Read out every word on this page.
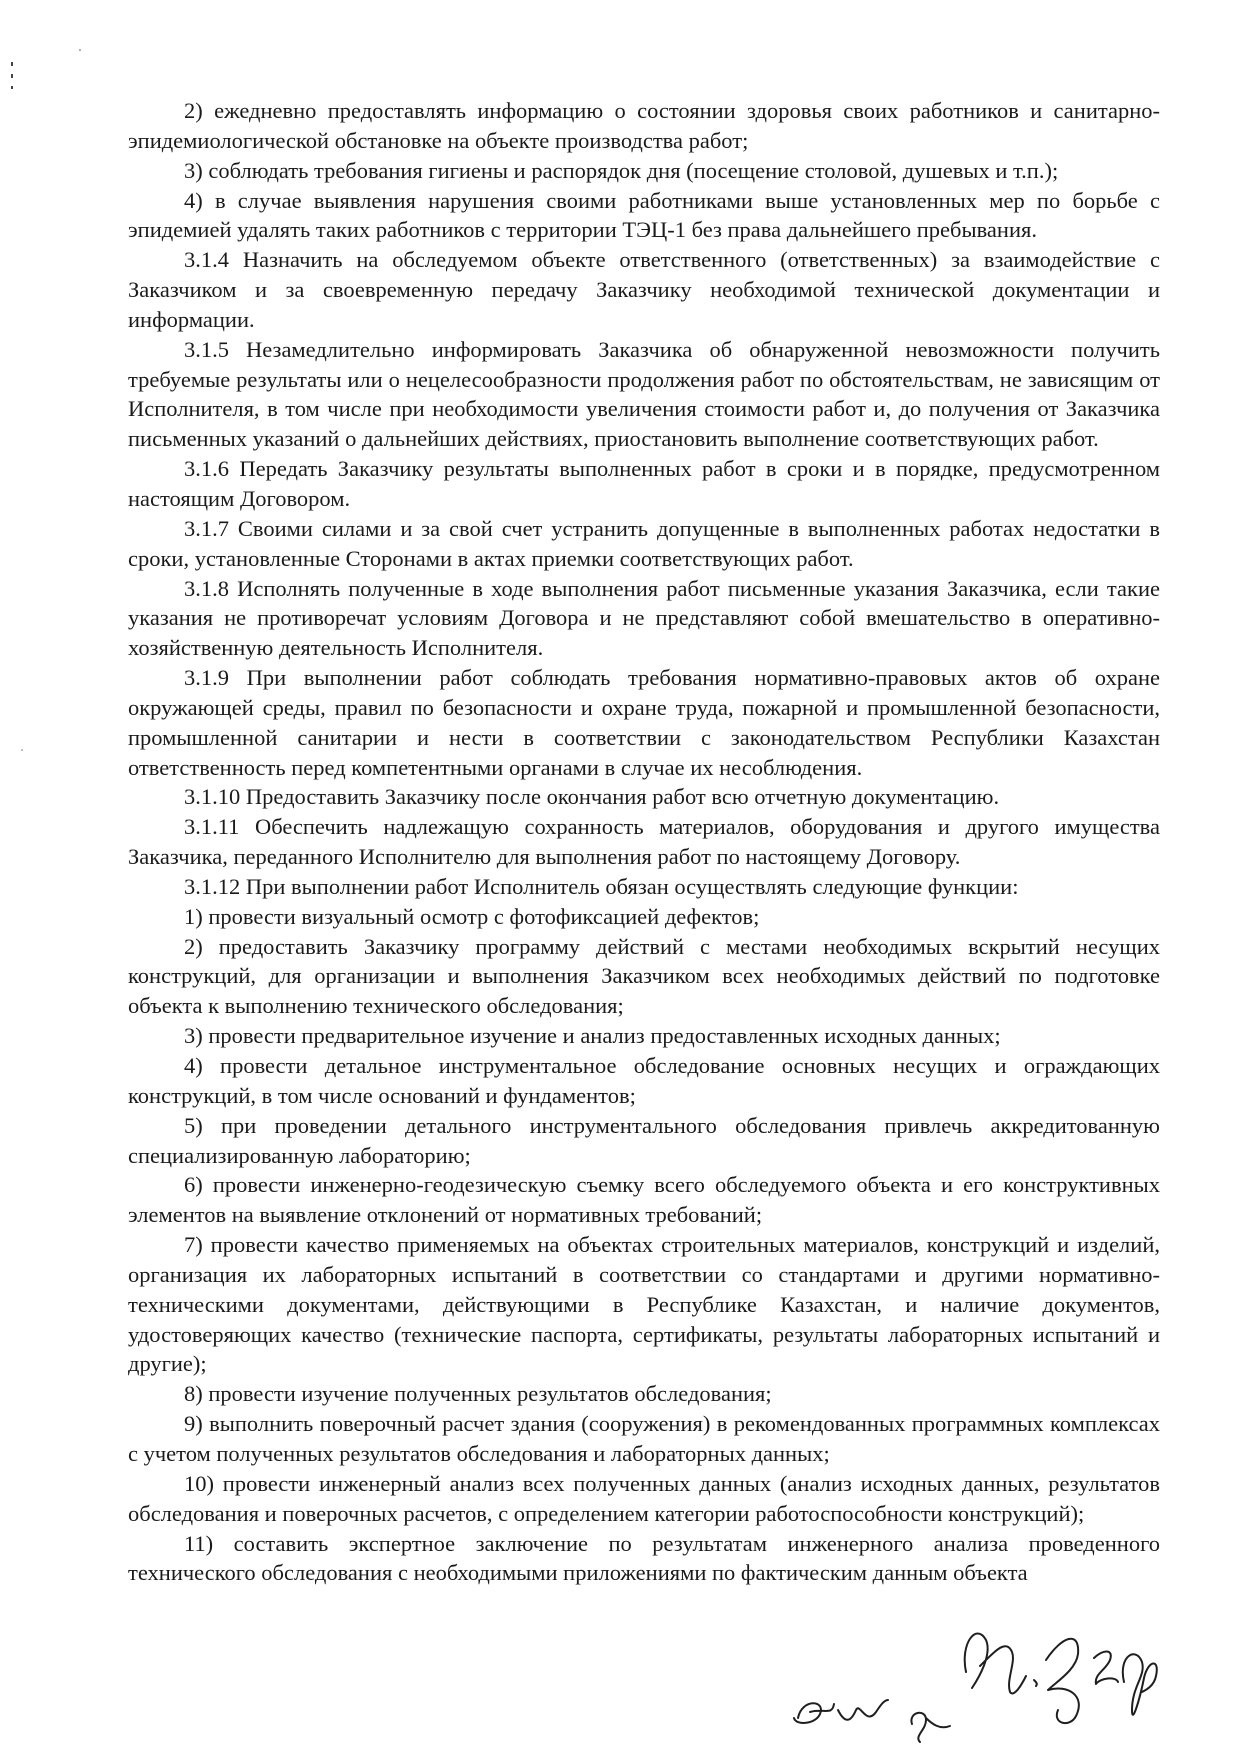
2) ежедневно предоставлять информацию о состоянии здоровья своих работников и санитарно-эпидемиологической обстановке на объекте производства работ;

3) соблюдать требования гигиены и распорядок дня (посещение столовой, душевых и т.п.);

4) в случае выявления нарушения своими работниками выше установленных мер по борьбе с эпидемией удалять таких работников с территории ТЭЦ-1 без права дальнейшего пребывания.

3.1.4 Назначить на обследуемом объекте ответственного (ответственных) за взаимодействие с Заказчиком и за своевременную передачу Заказчику необходимой технической документации и информации.

3.1.5 Незамедлительно информировать Заказчика об обнаруженной невозможности получить требуемые результаты или о нецелесообразности продолжения работ по обстоятельствам, не зависящим от Исполнителя, в том числе при необходимости увеличения стоимости работ и, до получения от Заказчика письменных указаний о дальнейших действиях, приостановить выполнение соответствующих работ.

3.1.6 Передать Заказчику результаты выполненных работ в сроки и в порядке, предусмотренном настоящим Договором.

3.1.7 Своими силами и за свой счет устранить допущенные в выполненных работах недостатки в сроки, установленные Сторонами в актах приемки соответствующих работ.

3.1.8 Исполнять полученные в ходе выполнения работ письменные указания Заказчика, если такие указания не противоречат условиям Договора и не представляют собой вмешательство в оперативно-хозяйственную деятельность Исполнителя.

3.1.9 При выполнении работ соблюдать требования нормативно-правовых актов об охране окружающей среды, правил по безопасности и охране труда, пожарной и промышленной безопасности, промышленной санитарии и нести в соответствии с законодательством Республики Казахстан ответственность перед компетентными органами в случае их несоблюдения.

3.1.10 Предоставить Заказчику после окончания работ всю отчетную документацию.

3.1.11 Обеспечить надлежащую сохранность материалов, оборудования и другого имущества Заказчика, переданного Исполнителю для выполнения работ по настоящему Договору.

3.1.12 При выполнении работ Исполнитель обязан осуществлять следующие функции:

1) провести визуальный осмотр с фотофиксацией дефектов;

2) предоставить Заказчику программу действий с местами необходимых вскрытий несущих конструкций, для организации и выполнения Заказчиком всех необходимых действий по подготовке объекта к выполнению технического обследования;

3) провести предварительное изучение и анализ предоставленных исходных данных;

4) провести детальное инструментальное обследование основных несущих и ограждающих конструкций, в том числе оснований и фундаментов;

5) при проведении детального инструментального обследования привлечь аккредитованную специализированную лабораторию;

6) провести инженерно-геодезическую съемку всего обследуемого объекта и его конструктивных элементов на выявление отклонений от нормативных требований;

7) провести качество применяемых на объектах строительных материалов, конструкций и изделий, организация их лабораторных испытаний в соответствии со стандартами и другими нормативно-техническими документами, действующими в Республике Казахстан, и наличие документов, удостоверяющих качество (технические паспорта, сертификаты, результаты лабораторных испытаний и другие);

8) провести изучение полученных результатов обследования;

9) выполнить поверочный расчет здания (сооружения) в рекомендованных программных комплексах с учетом полученных результатов обследования и лабораторных данных;

10) провести инженерный анализ всех полученных данных (анализ исходных данных, результатов обследования и поверочных расчетов, с определением категории работоспособности конструкций);

11) составить экспертное заключение по результатам инженерного анализа проведенного технического обследования с необходимыми приложениями по фактическим данным объекта
